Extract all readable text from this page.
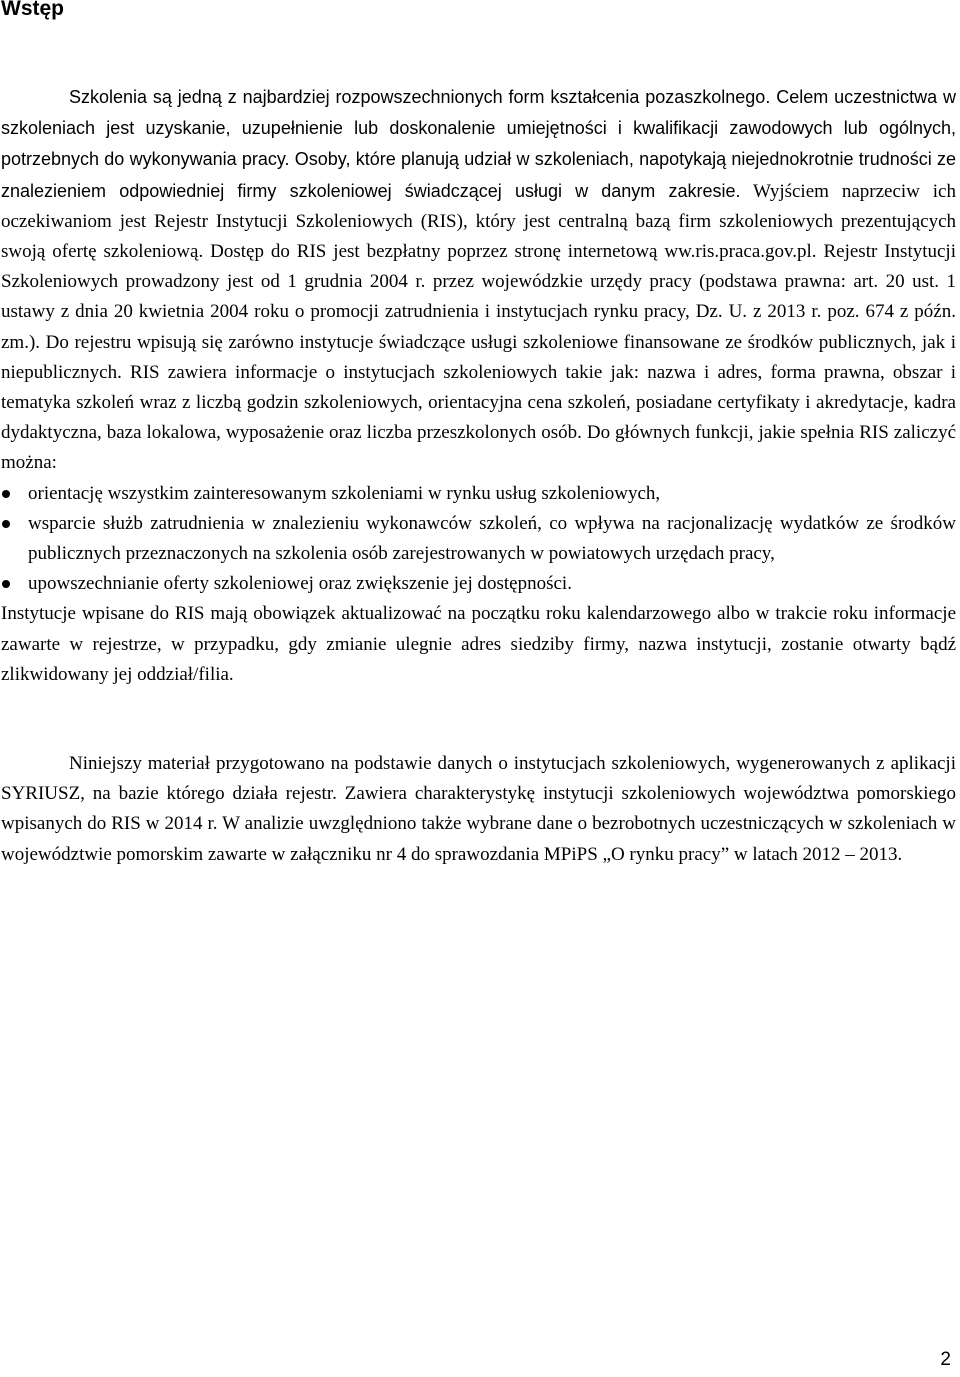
Wstęp

Szkolenia są jedną z najbardziej rozpowszechnionych form kształcenia pozaszkolnego. Celem uczestnictwa w szkoleniach jest uzyskanie, uzupełnienie lub doskonalenie umiejętności i kwalifikacji zawodowych lub ogólnych, potrzebnych do wykonywania pracy. Osoby, które planują udział w szkoleniach, napotykają niejednokrotnie trudności ze znalezieniem odpowiedniej firmy szkoleniowej świadczącej usługi w danym zakresie. Wyjściem naprzeciw ich oczekiwaniom jest Rejestr Instytucji Szkoleniowych (RIS), który jest centralną bazą firm szkoleniowych prezentujących swoją ofertę szkoleniową. Dostęp do RIS jest bezpłatny poprzez stronę internetową ww.ris.praca.gov.pl. Rejestr Instytucji Szkoleniowych prowadzony jest od 1 grudnia 2004 r. przez wojewódzkie urzędy pracy (podstawa prawna: art. 20 ust. 1 ustawy z dnia 20 kwietnia 2004 roku o promocji zatrudnienia i instytucjach rynku pracy, Dz. U. z 2013 r. poz. 674 z późn. zm.). Do rejestru wpisują się zarówno instytucje świadczące usługi szkoleniowe finansowane ze środków publicznych, jak i niepublicznych. RIS zawiera informacje o instytucjach szkoleniowych takie jak: nazwa i adres, forma prawna, obszar i tematyka szkoleń wraz z liczbą godzin szkoleniowych, orientacyjna cena szkoleń, posiadane certyfikaty i akredytacje, kadra dydaktyczna, baza lokalowa, wyposażenie oraz liczba przeszkolonych osób. Do głównych funkcji, jakie spełnia RIS zaliczyć można:

orientację wszystkim zainteresowanym szkoleniami w rynku usług szkoleniowych,
wsparcie służb zatrudnienia w znalezieniu wykonawców szkoleń, co wpływa na racjonalizację wydatków ze środków publicznych przeznaczonych na szkolenia osób zarejestrowanych w powiatowych urzędach pracy,
upowszechnianie oferty szkoleniowej oraz zwiększenie jej dostępności.

Instytucje wpisane do RIS mają obowiązek aktualizować na początku roku kalendarzowego albo w trakcie roku informacje zawarte w rejestrze, w przypadku, gdy zmianie ulegnie adres siedziby firmy, nazwa instytucji, zostanie otwarty bądź zlikwidowany jej oddział/filia.

Niniejszy materiał przygotowano na podstawie danych o instytucjach szkoleniowych, wygenerowanych z aplikacji SYRIUSZ, na bazie którego działa rejestr. Zawiera charakterystykę instytucji szkoleniowych województwa pomorskiego wpisanych do RIS w 2014 r. W analizie uwzględniono także wybrane dane o bezrobotnych uczestniczących w szkoleniach w województwie pomorskim zawarte w załączniku nr 4 do sprawozdania MPiPS „O rynku pracy” w latach 2012 – 2013.

2
